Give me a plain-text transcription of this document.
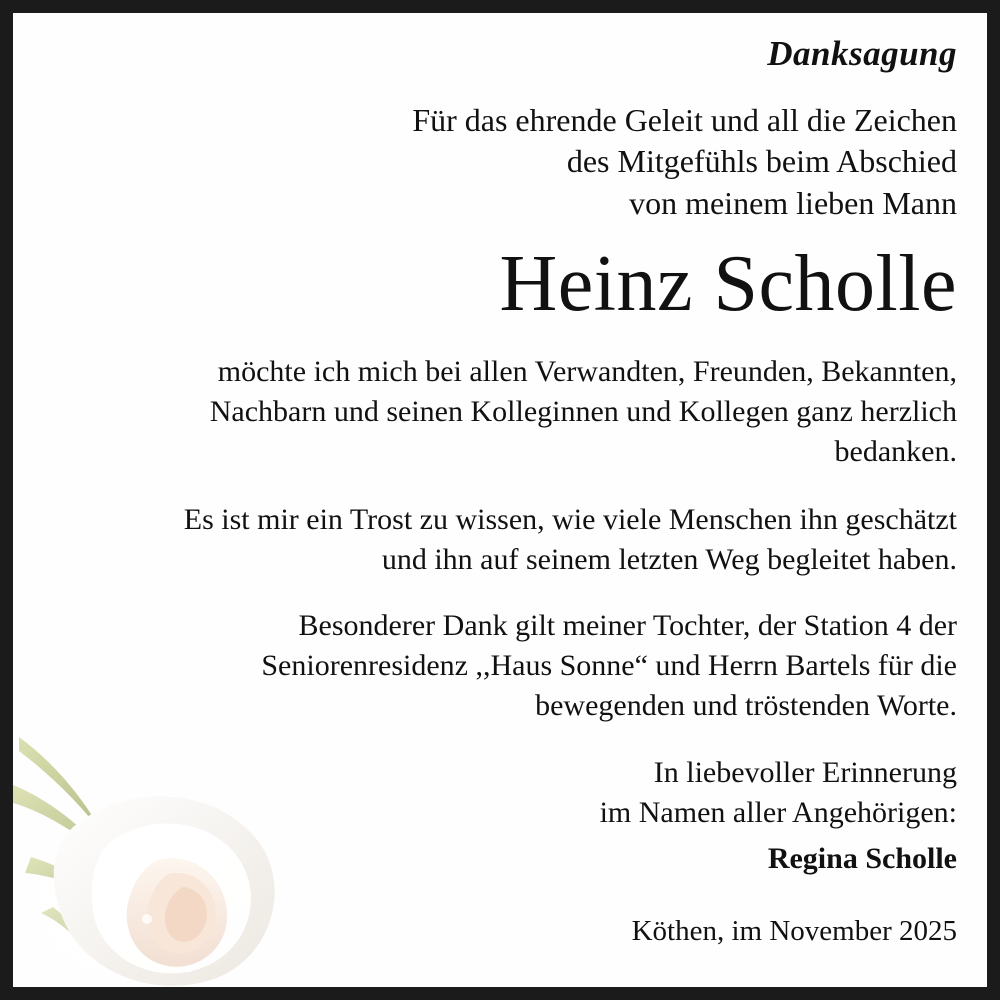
Danksagung
Für das ehrende Geleit und all die Zeichen
des Mitgefühls beim Abschied
von meinem lieben Mann
Heinz Scholle
möchte ich mich bei allen Verwandten, Freunden, Bekannten, Nachbarn und seinen Kolleginnen und Kollegen ganz herzlich bedanken.
Es ist mir ein Trost zu wissen, wie viele Menschen ihn geschätzt und ihn auf seinem letzten Weg begleitet haben.
Besonderer Dank gilt meiner Tochter, der Station 4 der Seniorenresidenz ,,Haus Sonne“ und Herrn Bartels für die bewegenden und tröstenden Worte.
In liebevoller Erinnerung
im Namen aller Angehörigen:
Regina Scholle
Köthen, im November 2025
